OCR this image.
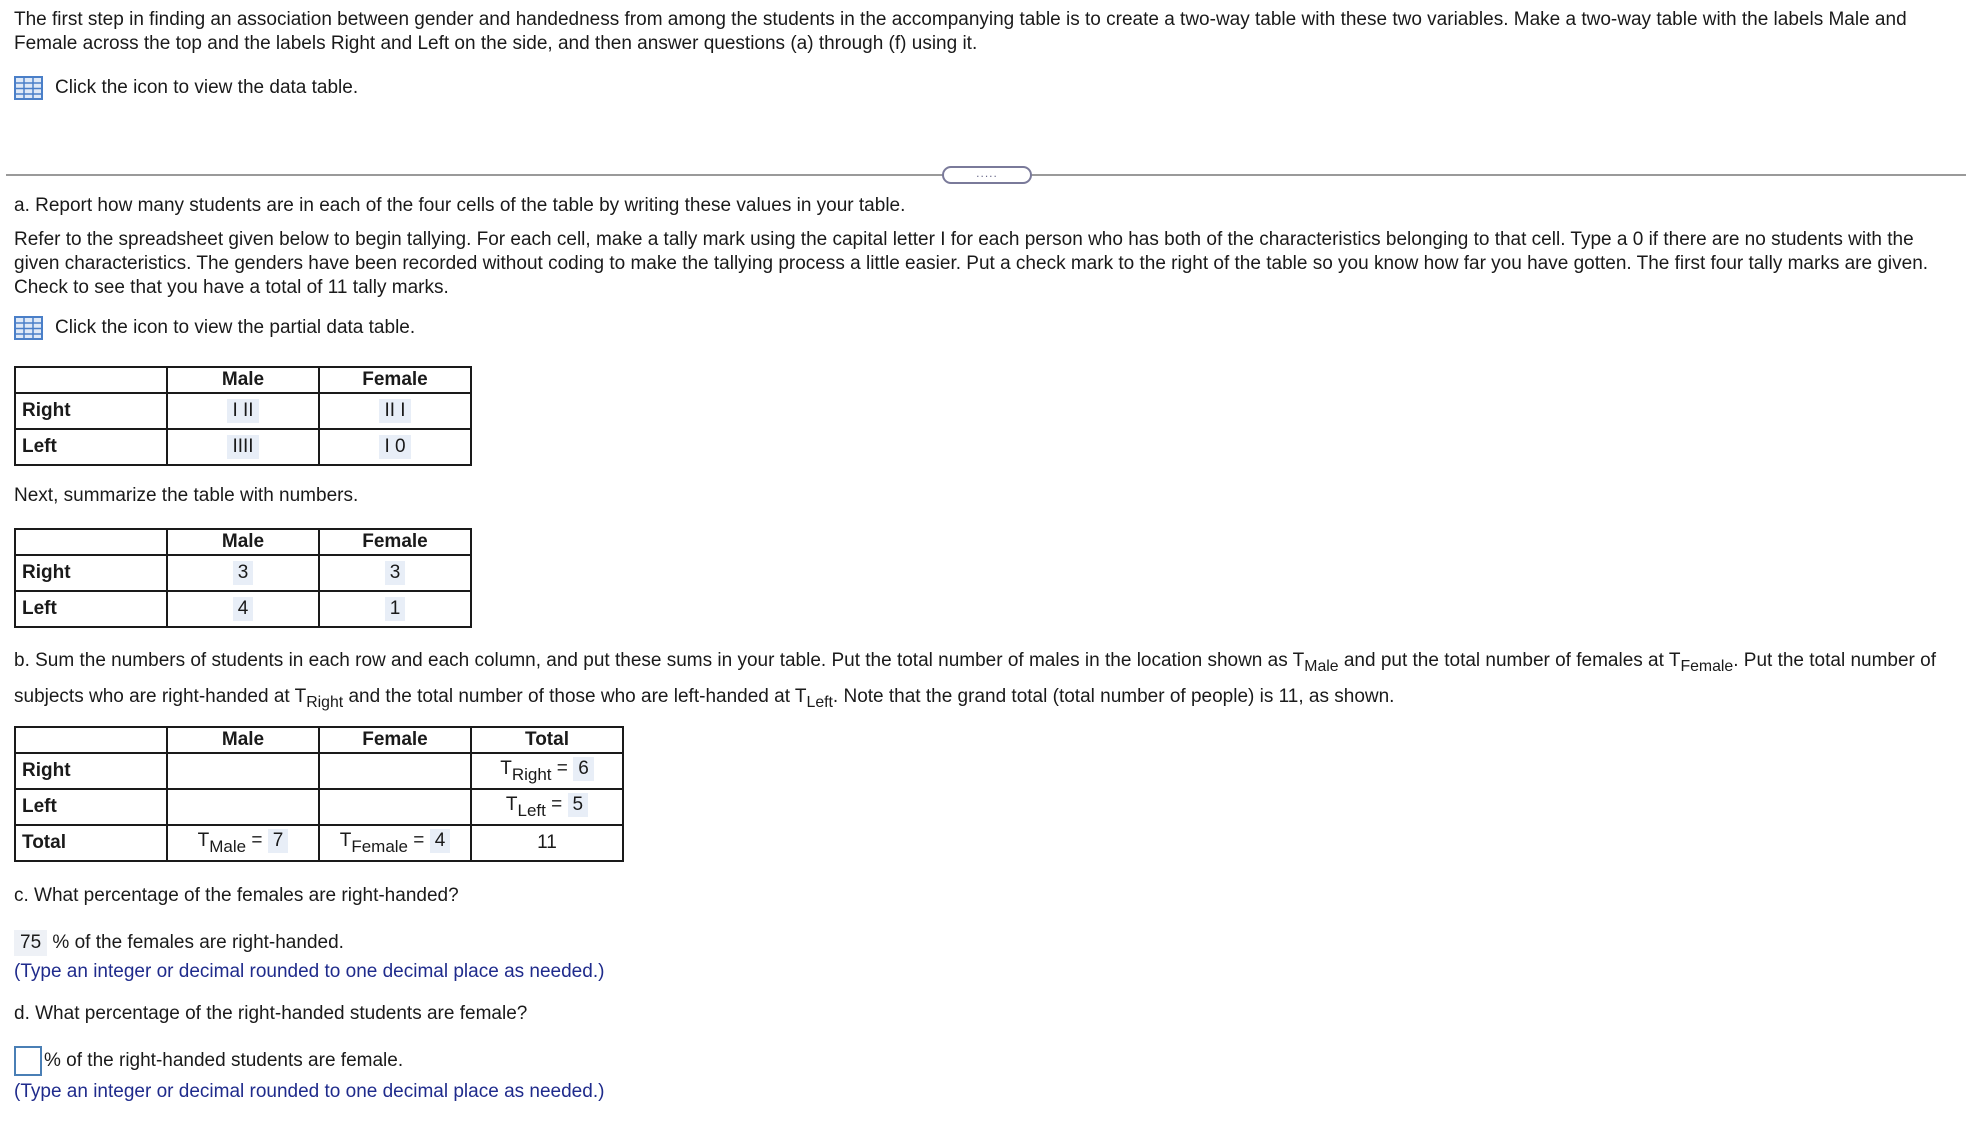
The first step in finding an association between gender and handedness from among the students in the accompanying table is to create a two-way table with these two variables. Make a two-way table with the labels Male and Female across the top and the labels Right and Left on the side, and then answer questions (a) through (f) using it.

Click the icon to view the data table.
.....

a. Report how many students are in each of the four cells of the table by writing these values in your table.

Refer to the spreadsheet given below to begin tallying. For each cell, make a tally mark using the capital letter I for each person who has both of the characteristics belonging to that cell. Type a 0 if there are no students with the given characteristics. The genders have been recorded without coding to make the tallying process a little easier. Put a check mark to the right of the table so you know how far you have gotten. The first four tally marks are given. Check to see that you have a total of 11 tally marks.

Click the icon to view the partial data table.
	Male	Female
Right	I II	II I
Left	IIII	I 0

Next, summarize the table with numbers.

	Male	Female
Right	3	3
Left	4	1

b. Sum the numbers of students in each row and each column, and put these sums in your table. Put the total number of males in the location shown as $T_{Male}$ and put the total number of females at $T_{Female}$. Put the total number of subjects who are right-handed at $T_{Right}$ and the total number of those who are left-handed at $T_{Left}$. Note that the grand total (total number of people) is 11, as shown.

	Male	Female	Total
Right			$T_{Right} = 6$
Left			$T_{Left} = 5$
Total	$T_{Male} = 7$	$T_{Female} = 4$	11

c. What percentage of the females are right-handed?

75 % of the females are right-handed.

(Type an integer or decimal rounded to one decimal place as needed.)

d. What percentage of the right-handed students are female?

% of the right-handed students are female.

(Type an integer or decimal rounded to one decimal place as needed.)
